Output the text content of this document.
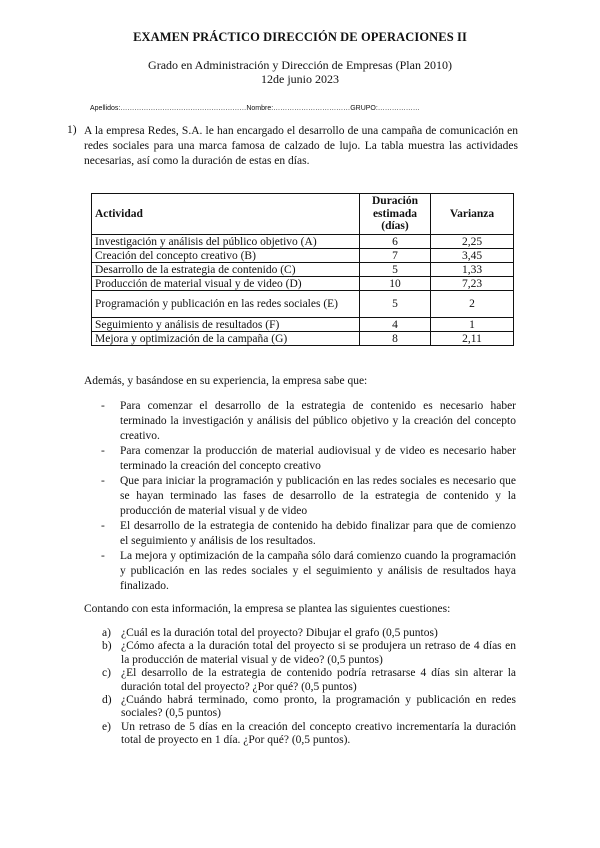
EXAMEN PRÁCTICO DIRECCIÓN DE OPERACIONES II
Grado en Administración y Dirección de Empresas (Plan 2010)
12de junio 2023
Apellidos:………………………………………………Nombre:……………………………GRUPO:………………
1) A la empresa Redes, S.A. le han encargado el desarrollo de una campaña de comunicación en redes sociales para una marca famosa de calzado de lujo. La tabla muestra las actividades necesarias, así como la duración de estas en días.

Actividad	Duración estimada (días)	Varianza
Investigación y análisis del público objetivo (A)	6	2,25
Creación del concepto creativo (B)	7	3,45
Desarrollo de la estrategia de contenido (C)	5	1,33
Producción de material visual y de video (D)	10	7,23
Programación y publicación en las redes sociales (E)	5	2
Seguimiento y análisis de resultados (F)	4	1
Mejora y optimización de la campaña (G)	8	2,11
Además, y basándose en su experiencia, la empresa sabe que:
- Para comenzar el desarrollo de la estrategia de contenido es necesario haber terminado la investigación y análisis del público objetivo y la creación del concepto creativo.
- Para comenzar la producción de material audiovisual y de video es necesario haber terminado la creación del concepto creativo
- Que para iniciar la programación y publicación en las redes sociales es necesario que se hayan terminado las fases de desarrollo de la estrategia de contenido y la producción de material visual y de video
- El desarrollo de la estrategia de contenido ha debido finalizar para que de comienzo el seguimiento y análisis de los resultados.
- La mejora y optimización de la campaña sólo dará comienzo cuando la programación y publicación en las redes sociales y el seguimiento y análisis de resultados haya finalizado.
Contando con esta información, la empresa se plantea las siguientes cuestiones:
a) ¿Cuál es la duración total del proyecto? Dibujar el grafo (0,5 puntos)
b) ¿Cómo afecta a la duración total del proyecto si se produjera un retraso de 4 días en la producción de material visual y de video? (0,5 puntos)
c) ¿El desarrollo de la estrategia de contenido podría retrasarse 4 días sin alterar la duración total del proyecto? ¿Por qué? (0,5 puntos)
d) ¿Cuándo habrá terminado, como pronto, la programación y publicación en redes sociales? (0,5 puntos)
e) Un retraso de 5 días en la creación del concepto creativo incrementaría la duración total de proyecto en 1 día. ¿Por qué? (0,5 puntos).
